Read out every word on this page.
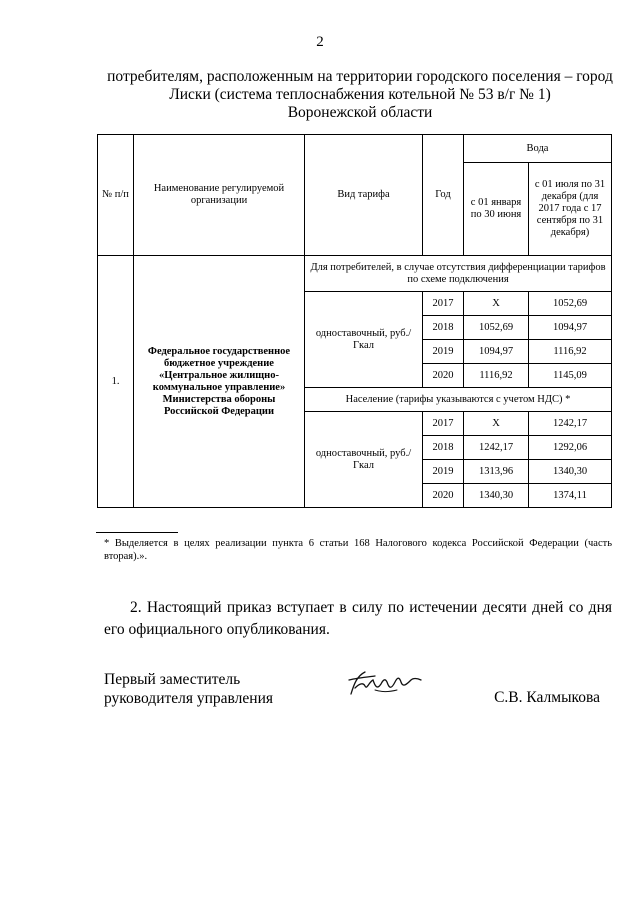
2
потребителям, расположенным на территории городского поселения – город
Лиски (система теплоснабжения котельной № 53 в/г № 1)
Воронежской области
№ п/п	Наименование регулируемой организации	Вид тарифа	Год	Вода	
				с 01 января по 30 июня	с 01 июля по 31 декабря (для 2017 года с 17 сентября по 31 декабря)
1.	Федеральное государственное бюджетное учреждение «Центральное жилищно-коммунальное управление» Министерства обороны Российской Федерации	Для потребителей, в случае отсутствия дифференциации тарифов по схеме подключения			
		одноставочный, руб./Гкал	2017	Х	1052,69
			2018	1052,69	1094,97
			2019	1094,97	1116,92
			2020	1116,92	1145,09
		Население (тарифы указываются с учетом НДС) *			
		одноставочный, руб./Гкал	2017	Х	1242,17
			2018	1242,17	1292,06
			2019	1313,96	1340,30
			2020	1340,30	1374,11
* Выделяется в целях реализации пункта 6 статьи 168 Налогового кодекса Российской Федерации (часть вторая).».
2. Настоящий приказ вступает в силу по истечении десяти дней со дня его официального опубликования.
Первый заместитель
руководителя управления	С.В. Калмыкова
